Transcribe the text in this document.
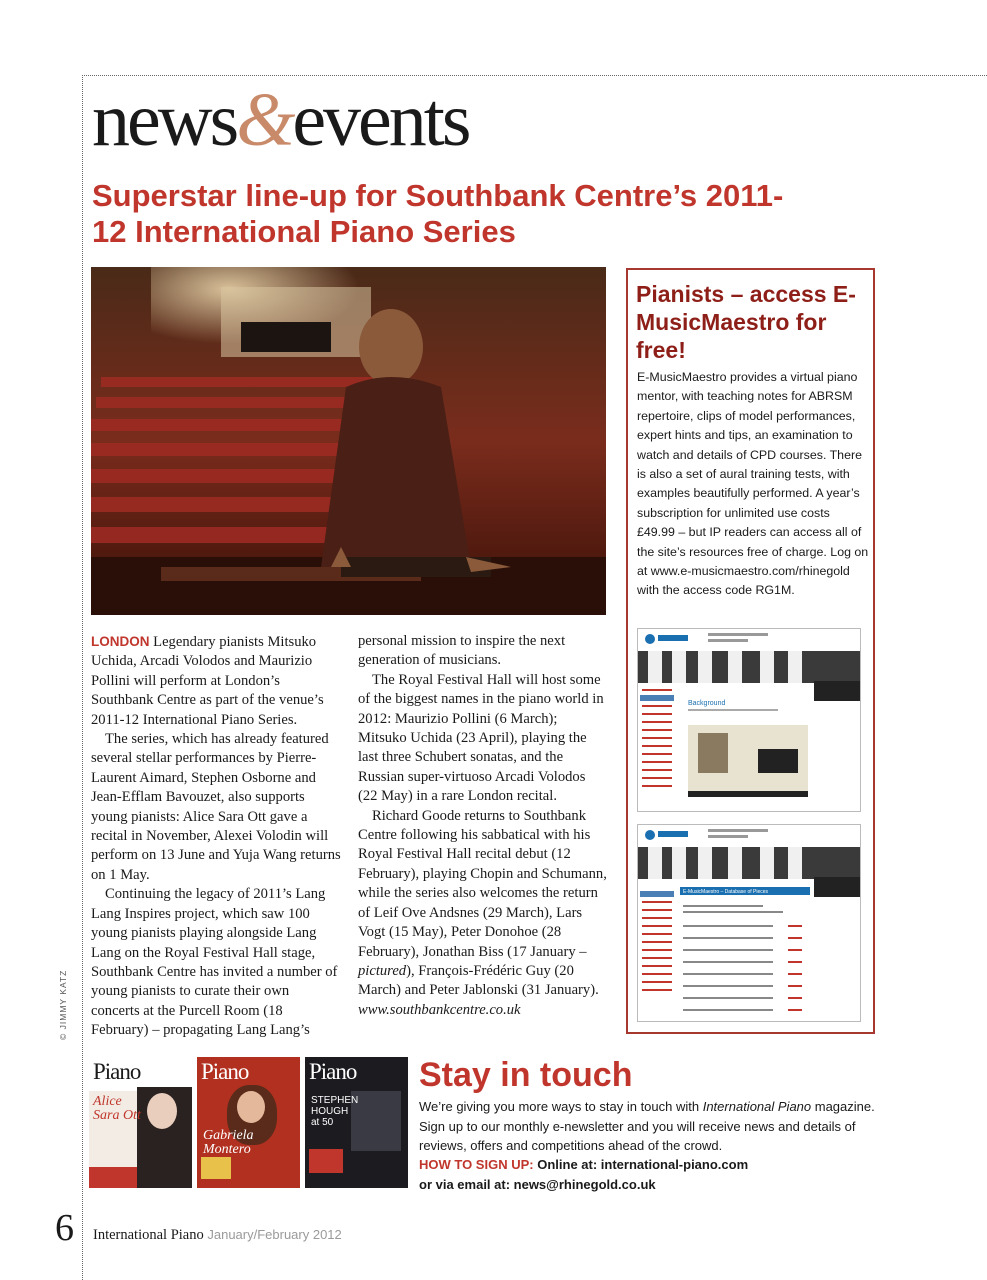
news&events
Superstar line-up for Southbank Centre’s 2011-12 International Piano Series

LONDON Legendary pianists Mitsuko Uchida, Arcadi Volodos and Maurizio Pollini will perform at London’s Southbank Centre as part of the venue’s 2011-12 International Piano Series.

The series, which has already featured several stellar performances by Pierre-Laurent Aimard, Stephen Osborne and Jean-Efflam Bavouzet, also supports young pianists: Alice Sara Ott gave a recital in November, Alexei Volodin will perform on 13 June and Yuja Wang returns on 1 May.

Continuing the legacy of 2011’s Lang Lang Inspires project, which saw 100 young pianists playing alongside Lang Lang on the Royal Festival Hall stage, Southbank Centre has invited a number of young pianists to curate their own concerts at the Purcell Room (18 February) – propagating Lang Lang’s

personal mission to inspire the next generation of musicians.

The Royal Festival Hall will host some of the biggest names in the piano world in 2012: Maurizio Pollini (6 March); Mitsuko Uchida (23 April), playing the last three Schubert sonatas, and the Russian super-virtuoso Arcadi Volodos (22 May) in a rare London recital.

Richard Goode returns to Southbank Centre following his sabbatical with his Royal Festival Hall recital debut (12 February), playing Chopin and Schumann, while the series also welcomes the return of Leif Ove Andsnes (29 March), Lars Vogt (15 May), Peter Donohoe (28 February), Jonathan Biss (17 January – pictured), François-Frédéric Guy (20 March) and Peter Jablonski (31 January).

www.southbankcentre.co.uk

© JIMMY KATZ
Pianists – access E-MusicMaestro for free!
E-MusicMaestro provides a virtual piano mentor, with teaching notes for ABRSM repertoire, clips of model performances, expert hints and tips, an examination to watch and details of CPD courses. There is also a set of aural training tests, with examples beautifully performed. A year’s subscription for unlimited use costs £49.99 – but IP readers can access all of the site’s resources free of charge. Log on at www.e-musicmaestro.com/rhinegold with the access code RG1M.
Background
E-MusicMaestro – Database of Pieces
Piano
Alice Sara Ott
Piano
Gabriela Montero
Piano
STEPHEN HOUGH at 50
Stay in touch
We’re giving you more ways to stay in touch with International Piano magazine. Sign up to our monthly e-newsletter and you will receive news and details of reviews, offers and competitions ahead of the crowd.
HOW TO SIGN UP: Online at: international-piano.com
or via email at: news@rhinegold.co.uk
6 International Piano January/February 2012
